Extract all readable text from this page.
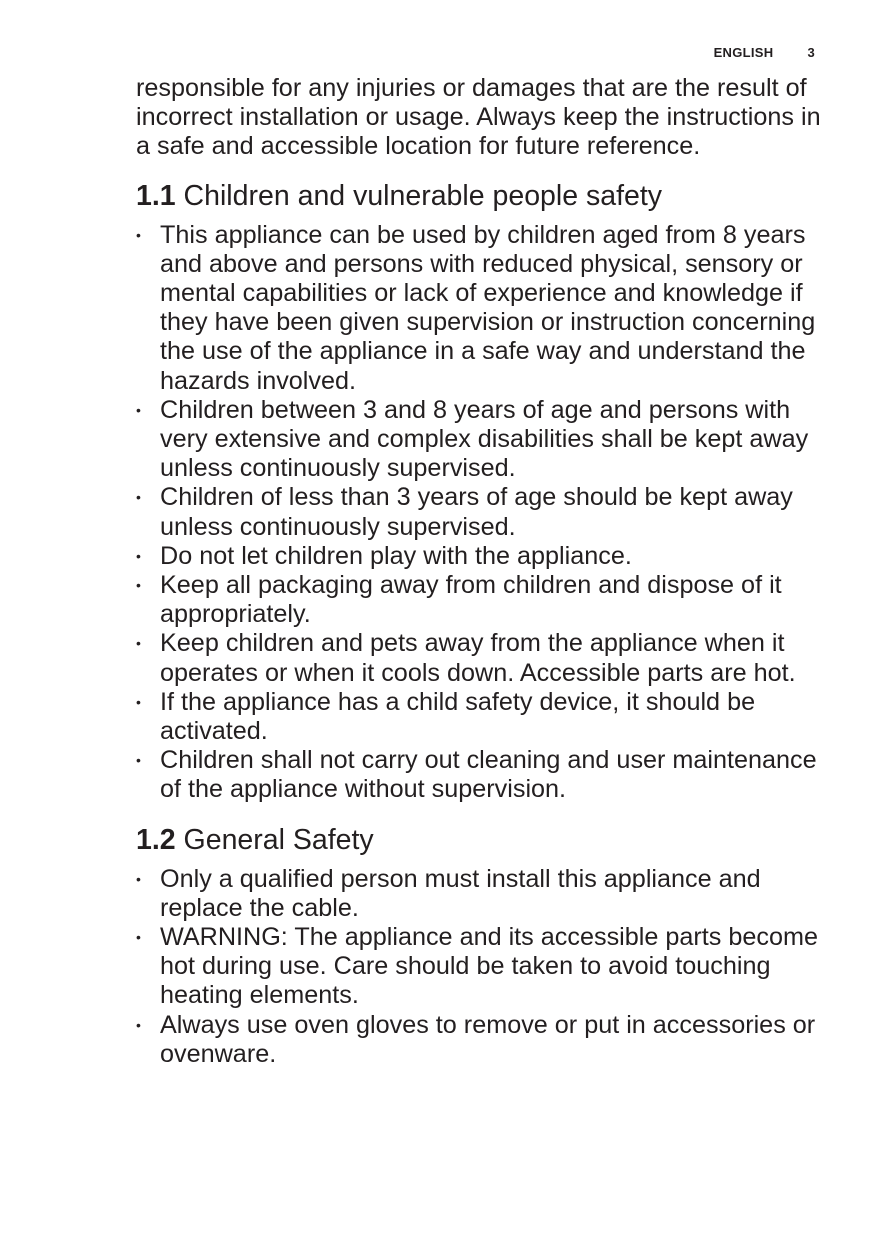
ENGLISH	3

responsible for any injuries or damages that are the result of incorrect installation or usage. Always keep the instructions in a safe and accessible location for future reference.

1.1 Children and vulnerable people safety
• This appliance can be used by children aged from 8 years and above and persons with reduced physical, sensory or mental capabilities or lack of experience and knowledge if they have been given supervision or instruction concerning the use of the appliance in a safe way and understand the hazards involved.
• Children between 3 and 8 years of age and persons with very extensive and complex disabilities shall be kept away unless continuously supervised.
• Children of less than 3 years of age should be kept away unless continuously supervised.
• Do not let children play with the appliance.
• Keep all packaging away from children and dispose of it appropriately.
• Keep children and pets away from the appliance when it operates or when it cools down. Accessible parts are hot.
• If the appliance has a child safety device, it should be activated.
• Children shall not carry out cleaning and user maintenance of the appliance without supervision.
1.2 General Safety
• Only a qualified person must install this appliance and replace the cable.
• WARNING: The appliance and its accessible parts become hot during use. Care should be taken to avoid touching heating elements.
• Always use oven gloves to remove or put in accessories or ovenware.
